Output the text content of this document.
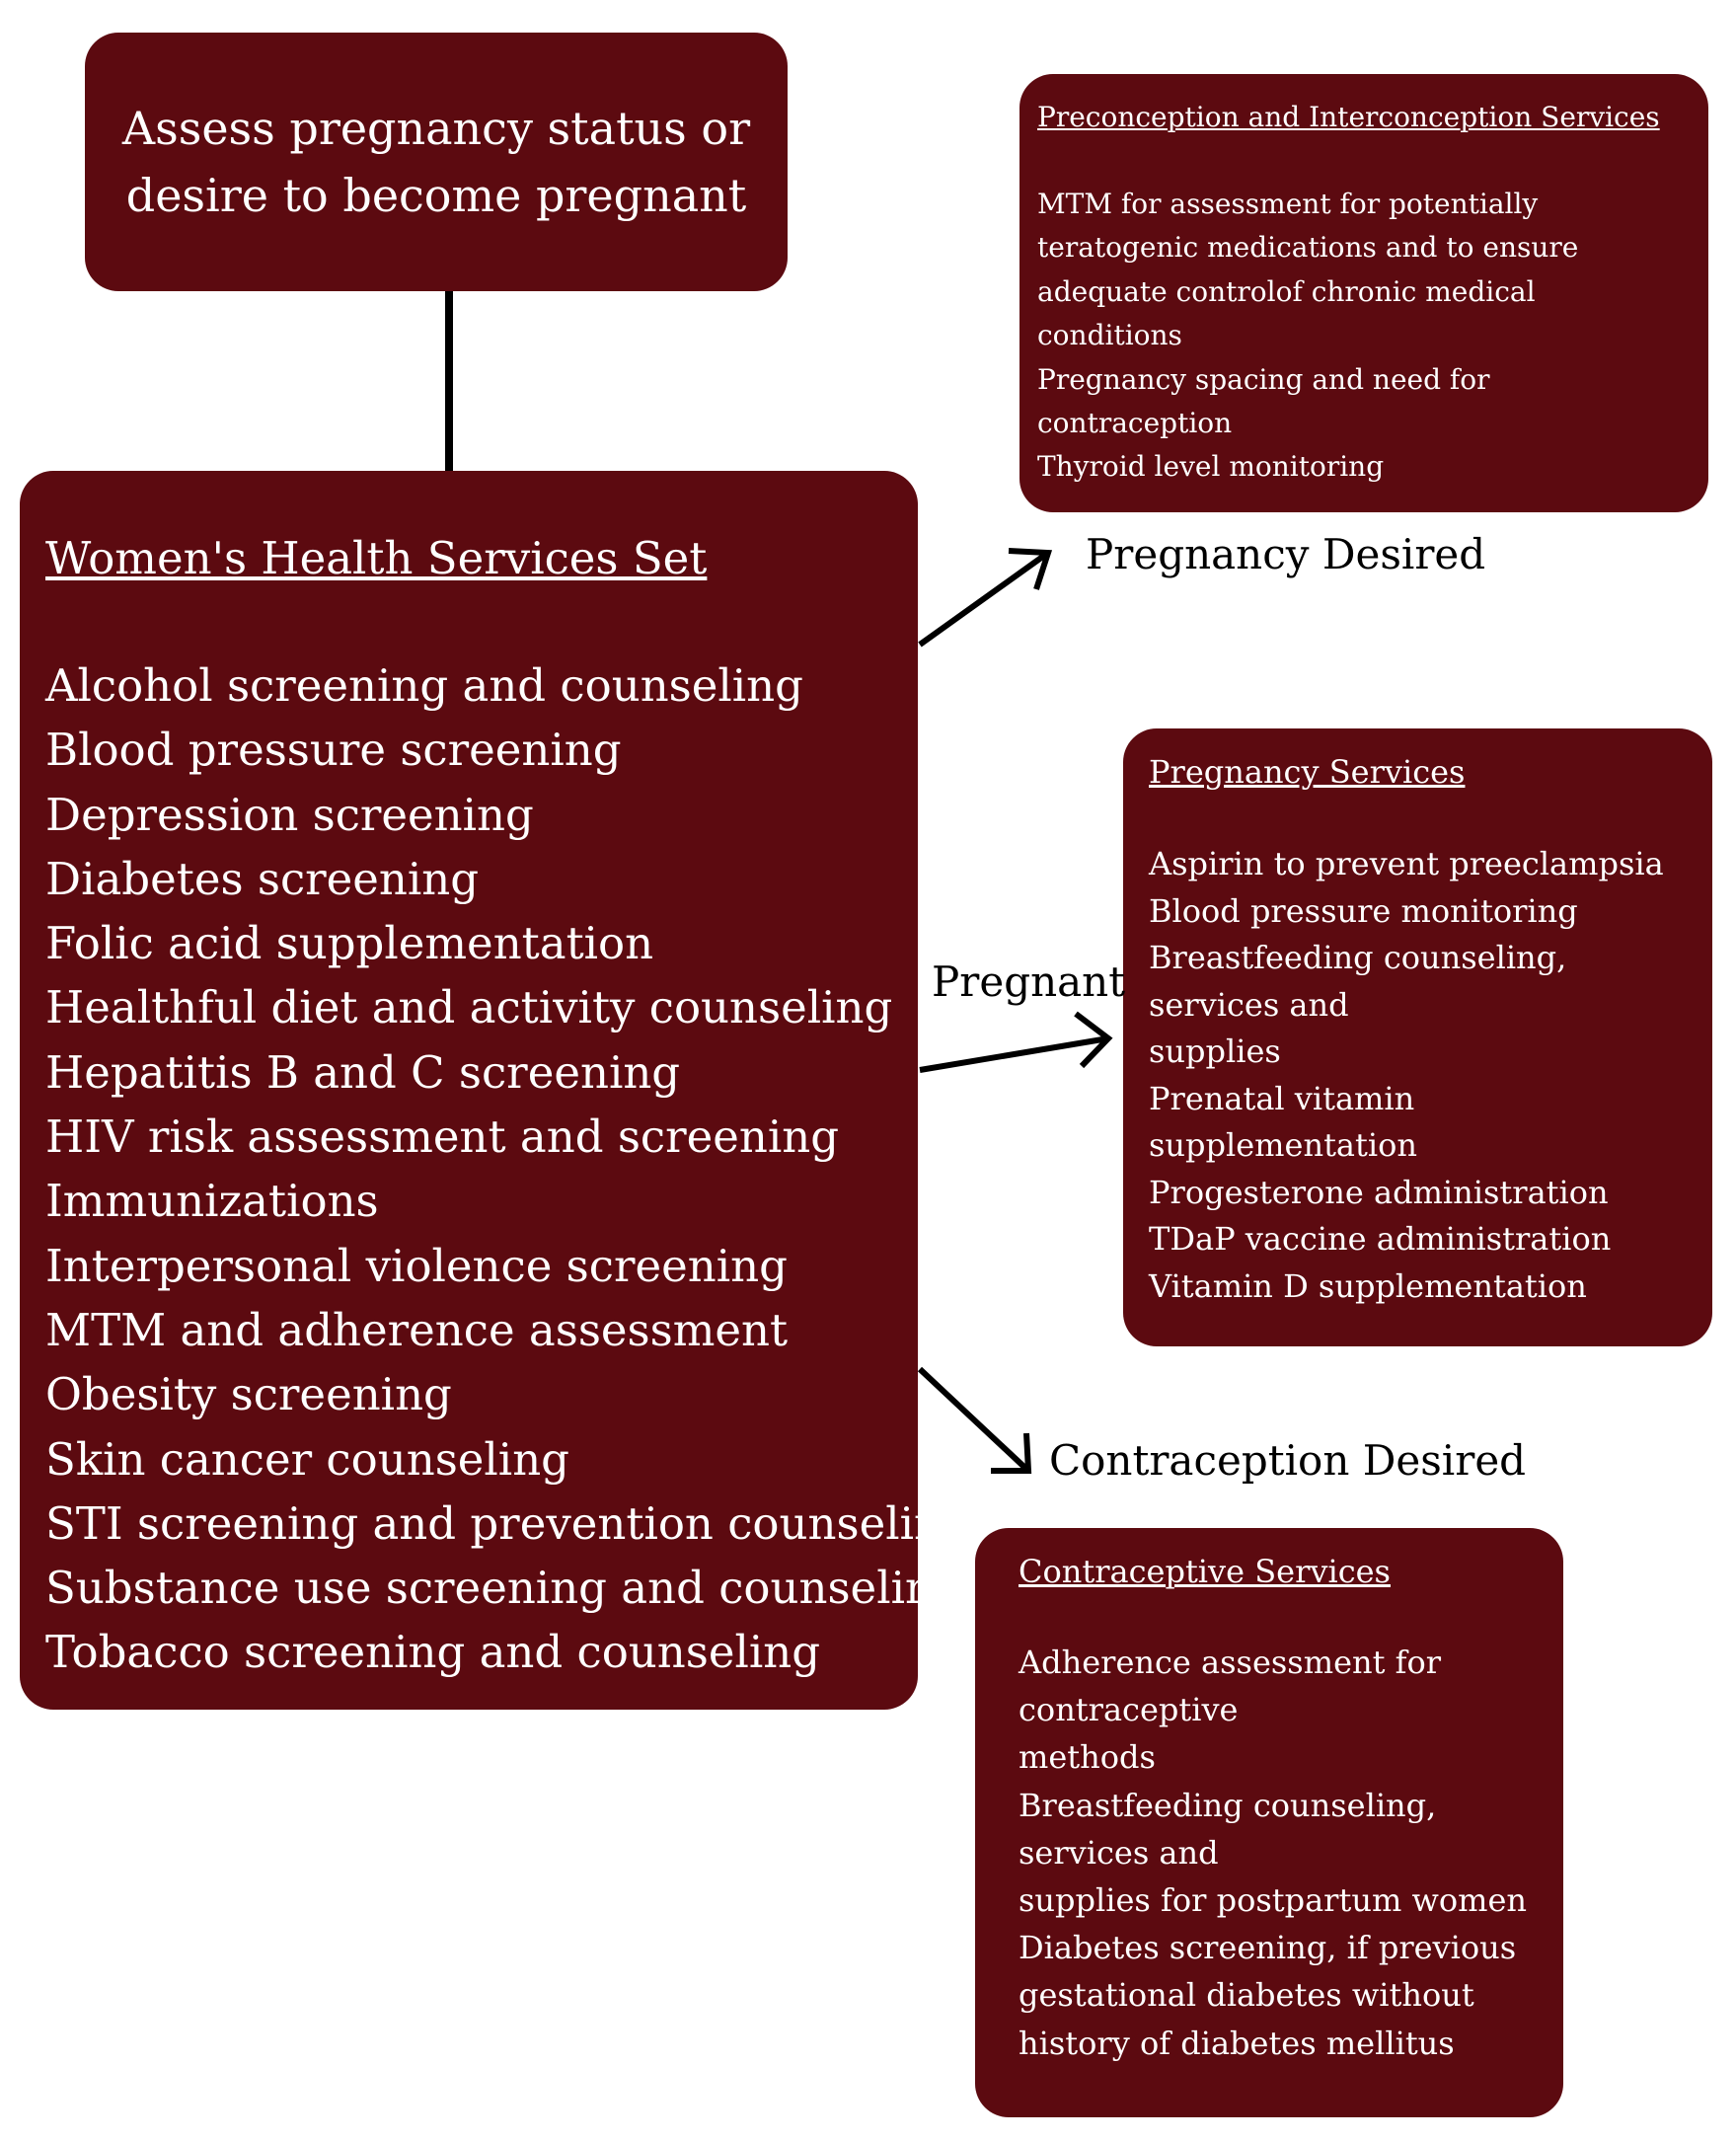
Assess pregnancy status or
desire to become pregnant
Women's Health Services Set
Alcohol screening and counseling
Blood pressure screening
Depression screening
Diabetes screening
Folic acid supplementation
Healthful diet and activity counseling
Hepatitis B and C screening
HIV risk assessment and screening
Immunizations
Interpersonal violence screening
MTM and adherence assessment
Obesity screening
Skin cancer counseling
STI screening and prevention counseling
Substance use screening and counseling
Tobacco screening and counseling
Preconception and Interconception Services
MTM for assessment for potentially
teratogenic medications and to ensure
adequate controlof chronic medical
conditions
Pregnancy spacing and need for
contraception
Thyroid level monitoring
Pregnancy Services
Aspirin to prevent preeclampsia
Blood pressure monitoring
Breastfeeding counseling,
services and
supplies
Prenatal vitamin
supplementation
Progesterone administration
TDaP vaccine administration
Vitamin D supplementation
Contraceptive Services
Adherence assessment for
contraceptive
methods
Breastfeeding counseling,
services and
supplies for postpartum women
Diabetes screening, if previous
gestational diabetes without
history of diabetes mellitus
Pregnancy Desired
Pregnant
Contraception Desired
